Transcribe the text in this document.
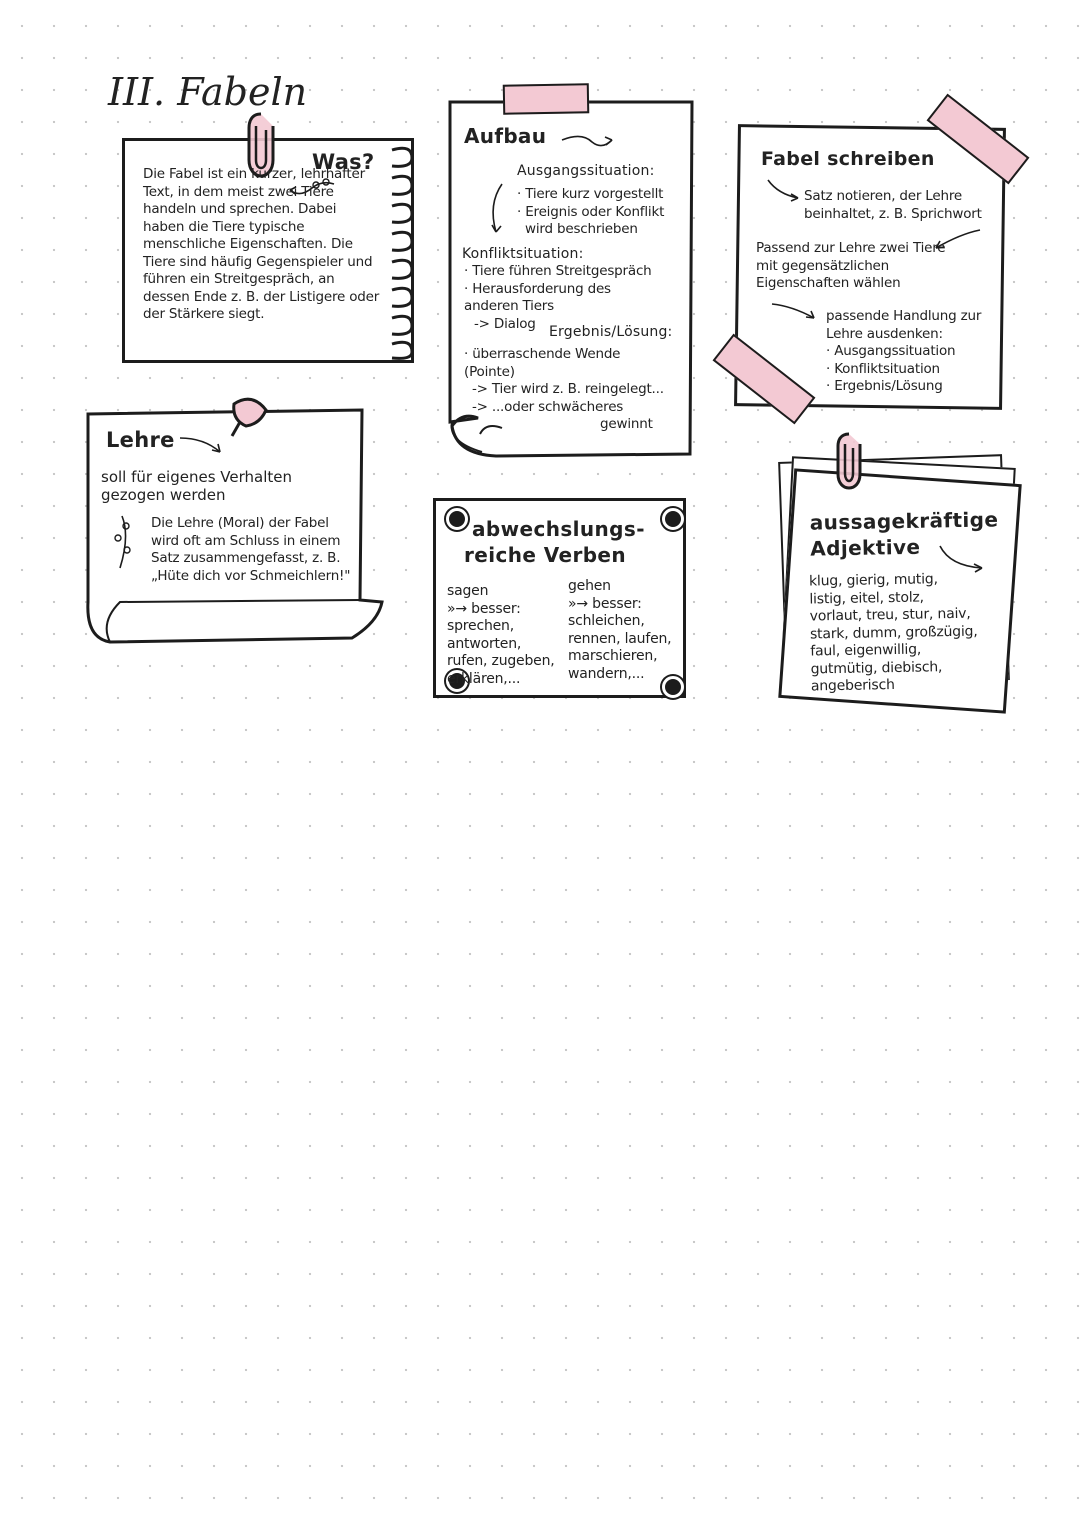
III. Fabeln
Was?
Die Fabel ist ein kurzer, lehrhafter Text, in dem meist zwei Tiere handeln und sprechen. Dabei haben die Tiere typische menschliche Eigenschaften. Die Tiere sind häufig Gegenspieler und führen ein Streitgespräch, an dessen Ende z. B. der Listigere oder der Stärkere siegt.
Aufbau
Ausgangssituation:
· Tiere kurz vorgestellt
· Ereignis oder Konflikt
wird beschrieben
Konfliktsituation:
· Tiere führen Streitgespräch
· Herausforderung des anderen Tiers
-> Dialog
Ergebnis/Lösung:
· überraschende Wende (Pointe)
-> Tier wird z. B. reingelegt...
-> ...oder schwächeres
gewinnt
Fabel schreiben
Satz notieren, der Lehre beinhaltet, z. B. Sprichwort
Passend zur Lehre zwei Tiere mit gegensätzlichen Eigenschaften wählen
passende Handlung zur Lehre ausdenken:
· Ausgangssituation
· Konfliktsituation
· Ergebnis/Lösung
Lehre
soll für eigenes Verhalten gezogen werden
Die Lehre (Moral) der Fabel wird oft am Schluss in einem Satz zusammengefasst, z. B. „Hüte dich vor Schmeichlern!"
abwechslungs-
reiche Verben
sagen
»→ besser:
sprechen, antworten, rufen, zugeben, erklären,...
gehen
»→ besser:
schleichen, rennen, laufen, marschieren, wandern,...
aussagekräftige
Adjektive
klug, gierig, mutig, listig, eitel, stolz, vorlaut, treu, stur, naiv, stark, dumm, großzügig, faul, eigenwillig, gutmütig, diebisch, angeberisch
